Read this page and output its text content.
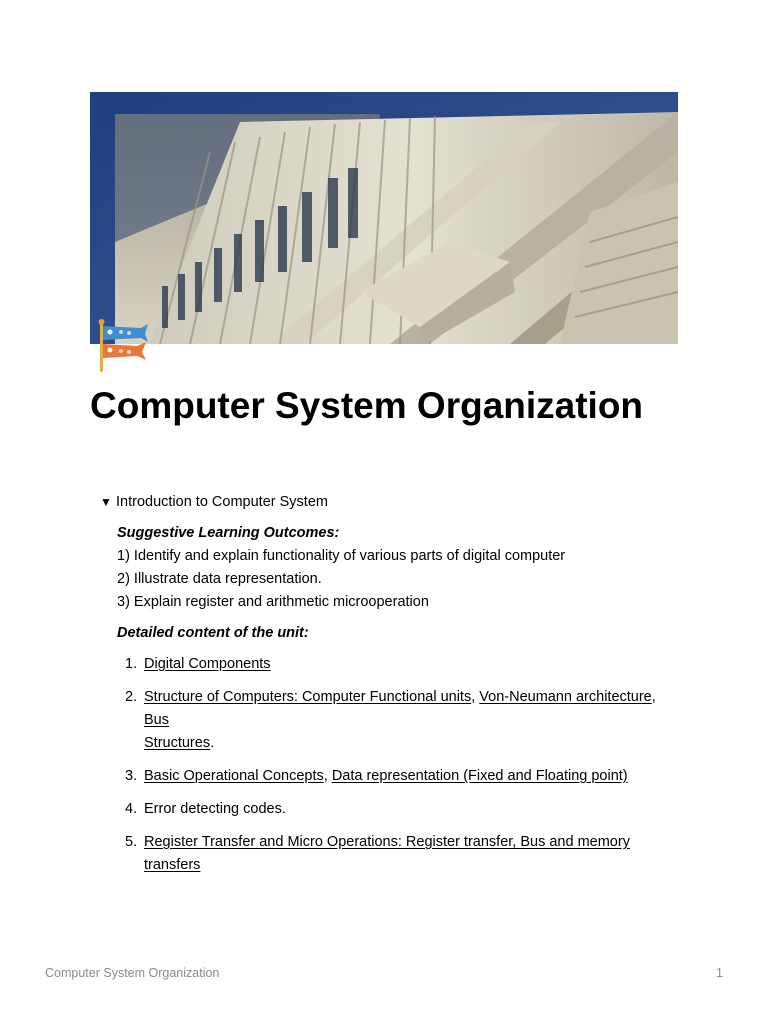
Computer System Organization
▼ Introduction to Computer System

Suggestive Learning Outcomes:

1) Identify and explain functionality of various parts of digital computer

2) Illustrate data representation.

3) Explain register and arithmetic microoperation

Detailed content of the unit:

1. Digital Components
2. Structure of Computers: Computer Functional units, Von-Neumann architecture,
Bus
Structures.
3. Basic Operational Concepts, Data representation (Fixed and Floating point)
4. Error detecting codes.
5. Register Transfer and Micro Operations: Register transfer, Bus and memory
transfers
Computer System Organization	1
